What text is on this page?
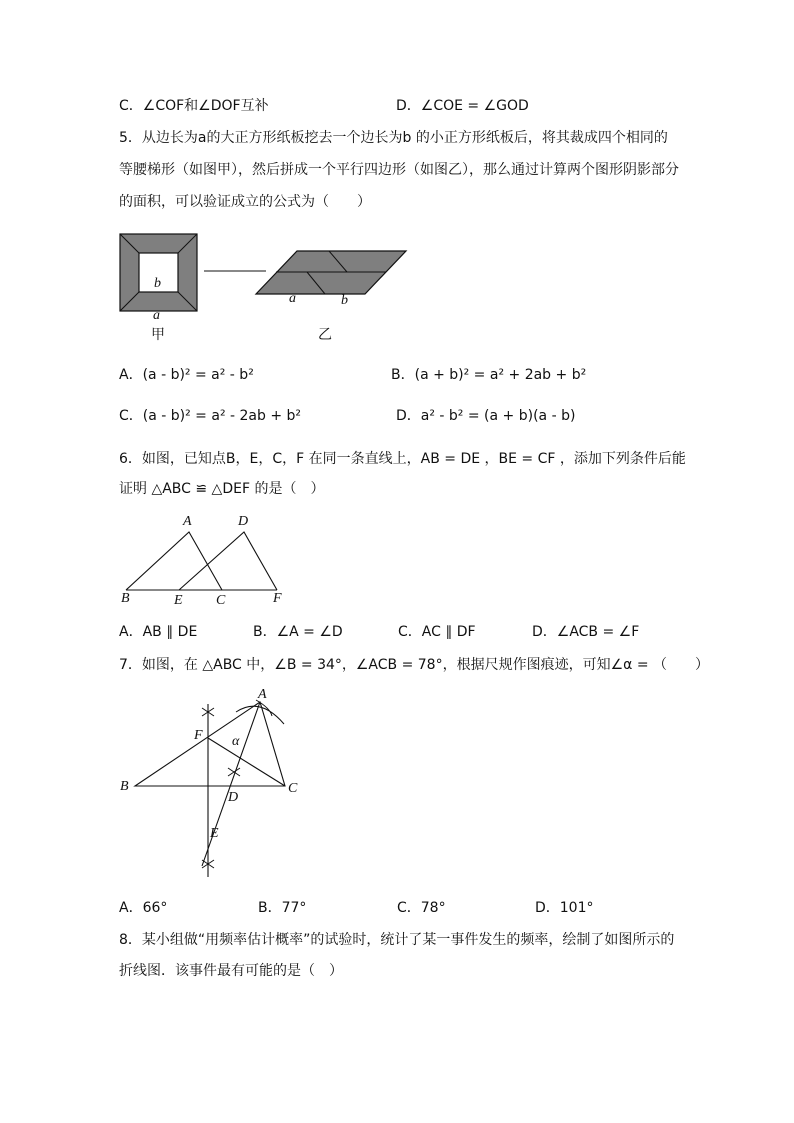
C．∠COF和∠DOF互补	D．∠COE = ∠GOD
5．从边长为a的大正方形纸板挖去一个边长为b 的小正方形纸板后，将其裁成四个相同的
等腰梯形（如图甲），然后拼成一个平行四边形（如图乙），那么通过计算两个图形阴影部分
的面积，可以验证成立的公式为（　　）
b
a
甲
a	b
乙
A．(a - b)² = a² - b²	B．(a + b)² = a² + 2ab + b²
C．(a - b)² = a² - 2ab + b²	D．a² - b² = (a + b)(a - b)
6．如图，已知点B，E，C，F 在同一条直线上，AB = DE ，BE = CF ，添加下列条件后能
证明 △ABC ≌ △DEF 的是（　）
A	D
B	E C	F
A．AB ∥ DE	B．∠A = ∠D	C．AC ∥ DF	D．∠ACB = ∠F
7．如图，在 △ABC 中，∠B = 34°，∠ACB = 78°，根据尺规作图痕迹，可知∠α = （　　）
A
F α
B
D
C
E
A．66°	B．77°	C．78°	D．101°
8．某小组做“用频率估计概率”的试验时，统计了某一事件发生的频率，绘制了如图所示的
折线图．该事件最有可能的是（　）
